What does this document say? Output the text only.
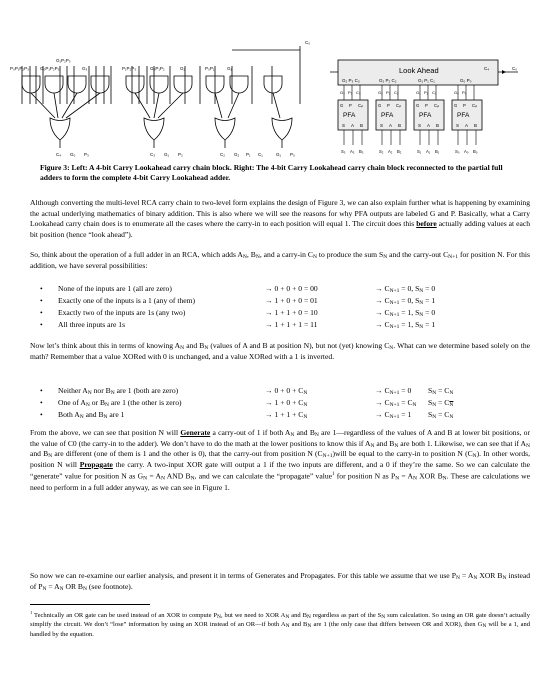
G₁P₂P₃
P₀P₁P₂P₃ G₀P₁P₂P₃	G₃	P₁P₂P₃	G₀P₁P₂	G₂	P₀P₁	G₁
C₀
C₄ G₀ P₃	C₃ G₁ P₂	C₂ G₂ P₁ C₁	G₁ P₀
Look Ahead	C₀
C₄
G₂ P₃ C₃	G₂ P₂ C₂	G₁ P₁ C₁	G₀ P₀
G₃ P₃ C₃	G₂ P₂ C₂	G₁ P₁ C₁	G₀ P₀
G P Cᵢₙ	G P Cᵢₙ	G P Cᵢₙ	G P Cᵢₙ
PFA	PFA	PFA	PFA
S A B	S A B	S A B	S A B
S₃ A₃ B₃	S₂ A₂ B₂	S₁ A₁ B₁	S₀ A₀ B₀
Figure 3: Left: A 4-bit Carry Lookahead carry chain block. Right: The 4-bit Carry Lookahead carry chain block reconnected to the partial full adders to form the complete 4-bit Carry Lookahead adder.
Although converting the multi-level RCA carry chain to two-level form explains the design of Figure 3, we can also explain further what is happening by examining the actual underlying mathematics of binary addition. This is also where we will see the reasons for why PFA outputs are labeled G and P. Basically, what a Carry Lookahead carry chain does is to enumerate all the cases where the carry-in to each position will equal 1. The circuit does this before actually adding values at each bit position (hence “look ahead”).
So, think about the operation of a full adder in an RCA, which adds $A_N$, $B_N$, and a carry-in $C_N$ to produce the sum $S_N$ and the carry-out $C_{N+1}$ for position N. For this addition, we have several possibilities:
• None of the inputs are 1 (all are zero)	→ 0 + 0 + 0 = 00	→ $C_{N+1} = 0$, $S_N = 0$
• Exactly one of the inputs is a 1 (any of them)	→ 1 + 0 + 0 = 01	→ $C_{N+1} = 0$, $S_N = 1$
• Exactly two of the inputs are 1s (any two)	→ 1 + 1 + 0 = 10	→ $C_{N+1} = 1$, $S_N = 0$
• All three inputs are 1s	→ 1 + 1 + 1 = 11	→ $C_{N+1} = 1$, $S_N = 1$
Now let’s think about this in terms of knowing $A_N$ and $B_N$ (values of A and B at position N), but not (yet) knowing $C_N$. What can we determine based solely on the math? Remember that a value XORed with 0 is unchanged, and a value XORed with a 1 is inverted.
• Neither $A_N$ nor $B_N$ are 1 (both are zero)	→ $0 + 0 + C_N$	→ $C_{N+1} = 0$ $S_N = C_N$
• One of $A_N$ or $B_N$ are 1 (the other is zero)	→ $1 + 0 + C_N$	→ $C_{N+1} = C_N$ $S_N = C_{\overline{N}}$
• Both $A_N$ and $B_N$ are 1	→ $1 + 1 + C_N$	→ $C_{N+1} = 1$ $S_N = C_N$
From the above, we can see that position N will Generate a carry-out of 1 if both $A_N$ and $B_N$ are 1—regardless of the values of A and B at lower bit positions, or the value of C0 (the carry-in to the adder). We don’t have to do the math at the lower positions to know this if $A_N$ and $B_N$ are both 1. Likewise, we can see that if $A_N$ and $B_N$ are different (one of them is 1 and the other is 0), that the carry-out from position N $(C_{N+1})will$ be equal to the carry-in to position N $(C_N)$. In other words, position N will Propagate the carry. A two-input XOR gate will output a 1 if the two inputs are different, and a 0 if they’re the same. So we can calculate the “generate” value for position N as $G_N = A_N$ AND $B_N$, and we can calculate the “propagate” value$^1$ for position N as $P_N = A_N$ XOR $B_N$. These are calculations we need to perform in a full adder anyway, as we can see in Figure 1.
So now we can re-examine our earlier analysis, and present it in terms of Generates and Propagates. For this table we assume that we use $P_N = A_N$ XOR $B_N$ instead of $P_N = A_N$ OR $B_N$ (see footnote).
$^1$ Technically an OR gate can be used instead of an XOR to compute $P_N$, but we need to XOR $A_N$ and $B_N$ regardless as part of the $S_N$ sum calculation. So using an OR gate doesn’t actually simplify the circuit. We don’t “lose” information by using an XOR instead of an OR—if both $A_N$ and $B_N$ are 1 (the only case that differs between OR and XOR), then $G_N$ will be a 1, and handled by the equation.
